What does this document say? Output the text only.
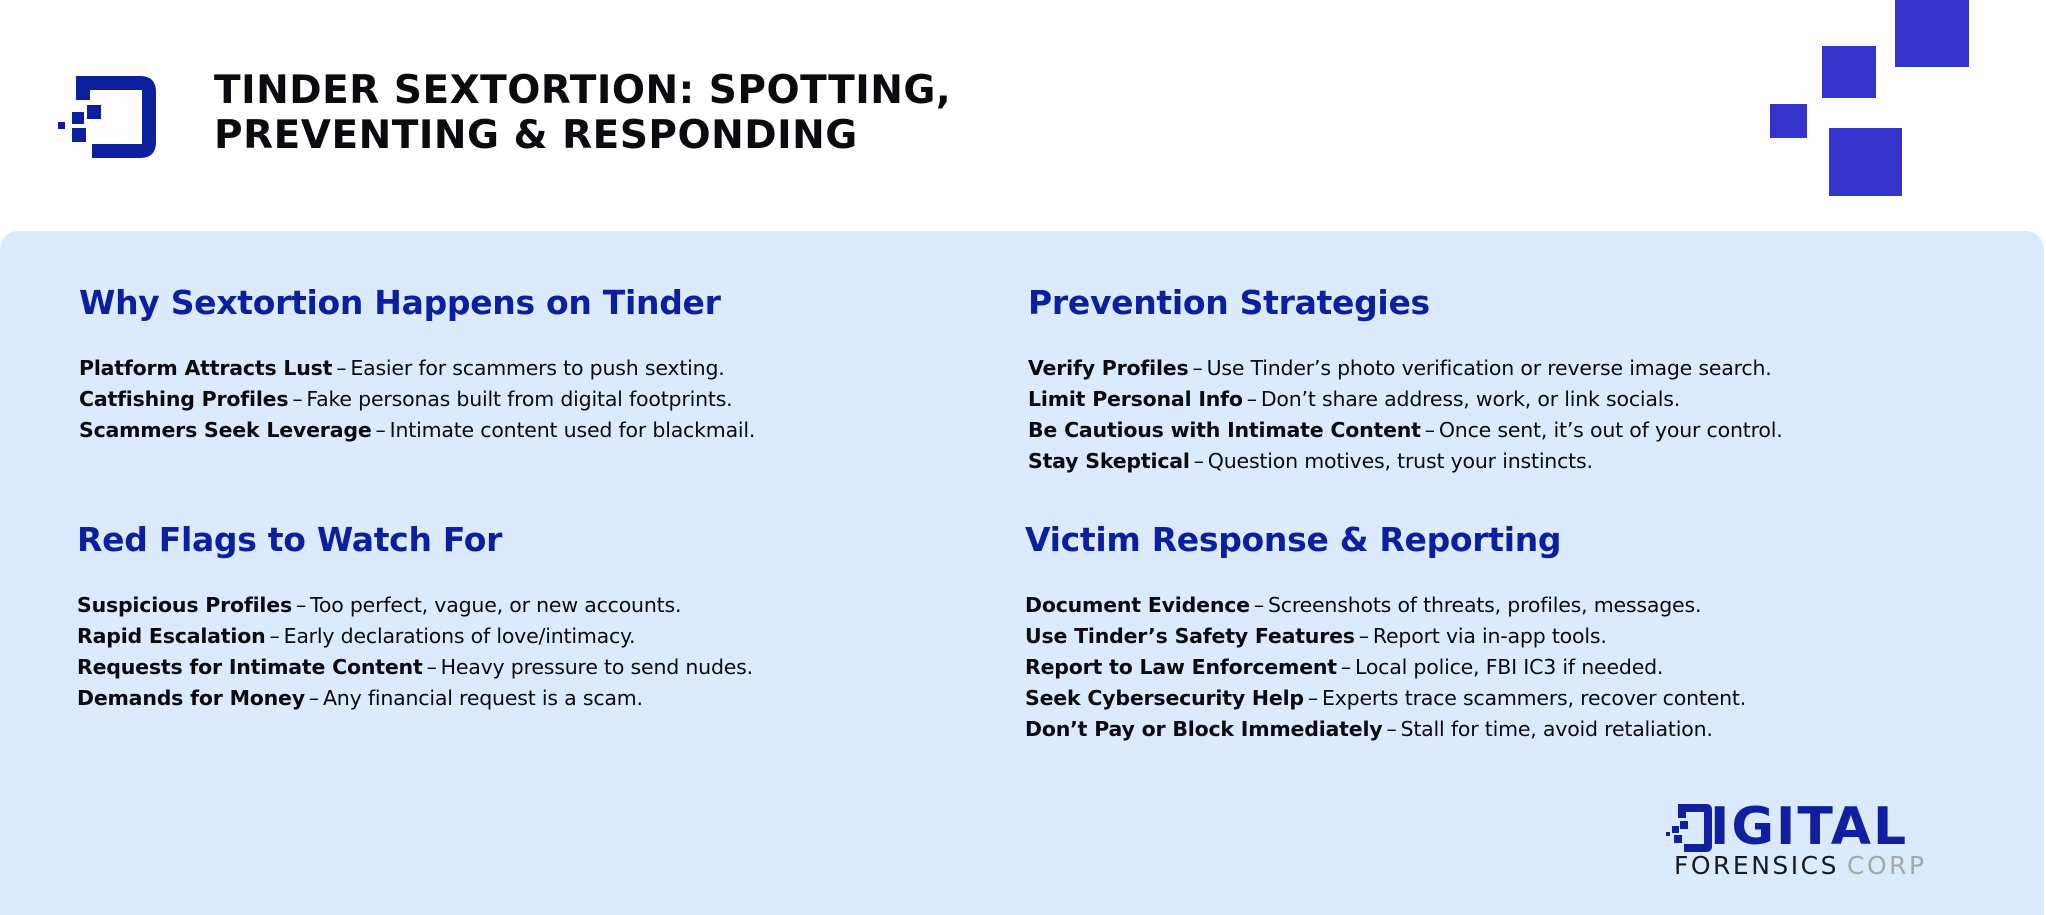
TINDER SEXTORTION: SPOTTING,
PREVENTING & RESPONDING
Why Sextortion Happens on Tinder
Platform Attracts Lust – Easier for scammers to push sexting.
Catfishing Profiles – Fake personas built from digital footprints.
Scammers Seek Leverage – Intimate content used for blackmail.
Prevention Strategies
Verify Profiles – Use Tinder’s photo verification or reverse image search.
Limit Personal Info – Don’t share address, work, or link socials.
Be Cautious with Intimate Content – Once sent, it’s out of your control.
Stay Skeptical – Question motives, trust your instincts.
Red Flags to Watch For
Suspicious Profiles – Too perfect, vague, or new accounts.
Rapid Escalation – Early declarations of love/intimacy.
Requests for Intimate Content – Heavy pressure to send nudes.
Demands for Money – Any financial request is a scam.
Victim Response & Reporting
Document Evidence – Screenshots of threats, profiles, messages.
Use Tinder’s Safety Features – Report via in-app tools.
Report to Law Enforcement – Local police, FBI IC3 if needed.
Seek Cybersecurity Help – Experts trace scammers, recover content.
Don’t Pay or Block Immediately – Stall for time, avoid retaliation.
IGITAL
FORENSICS CORP
